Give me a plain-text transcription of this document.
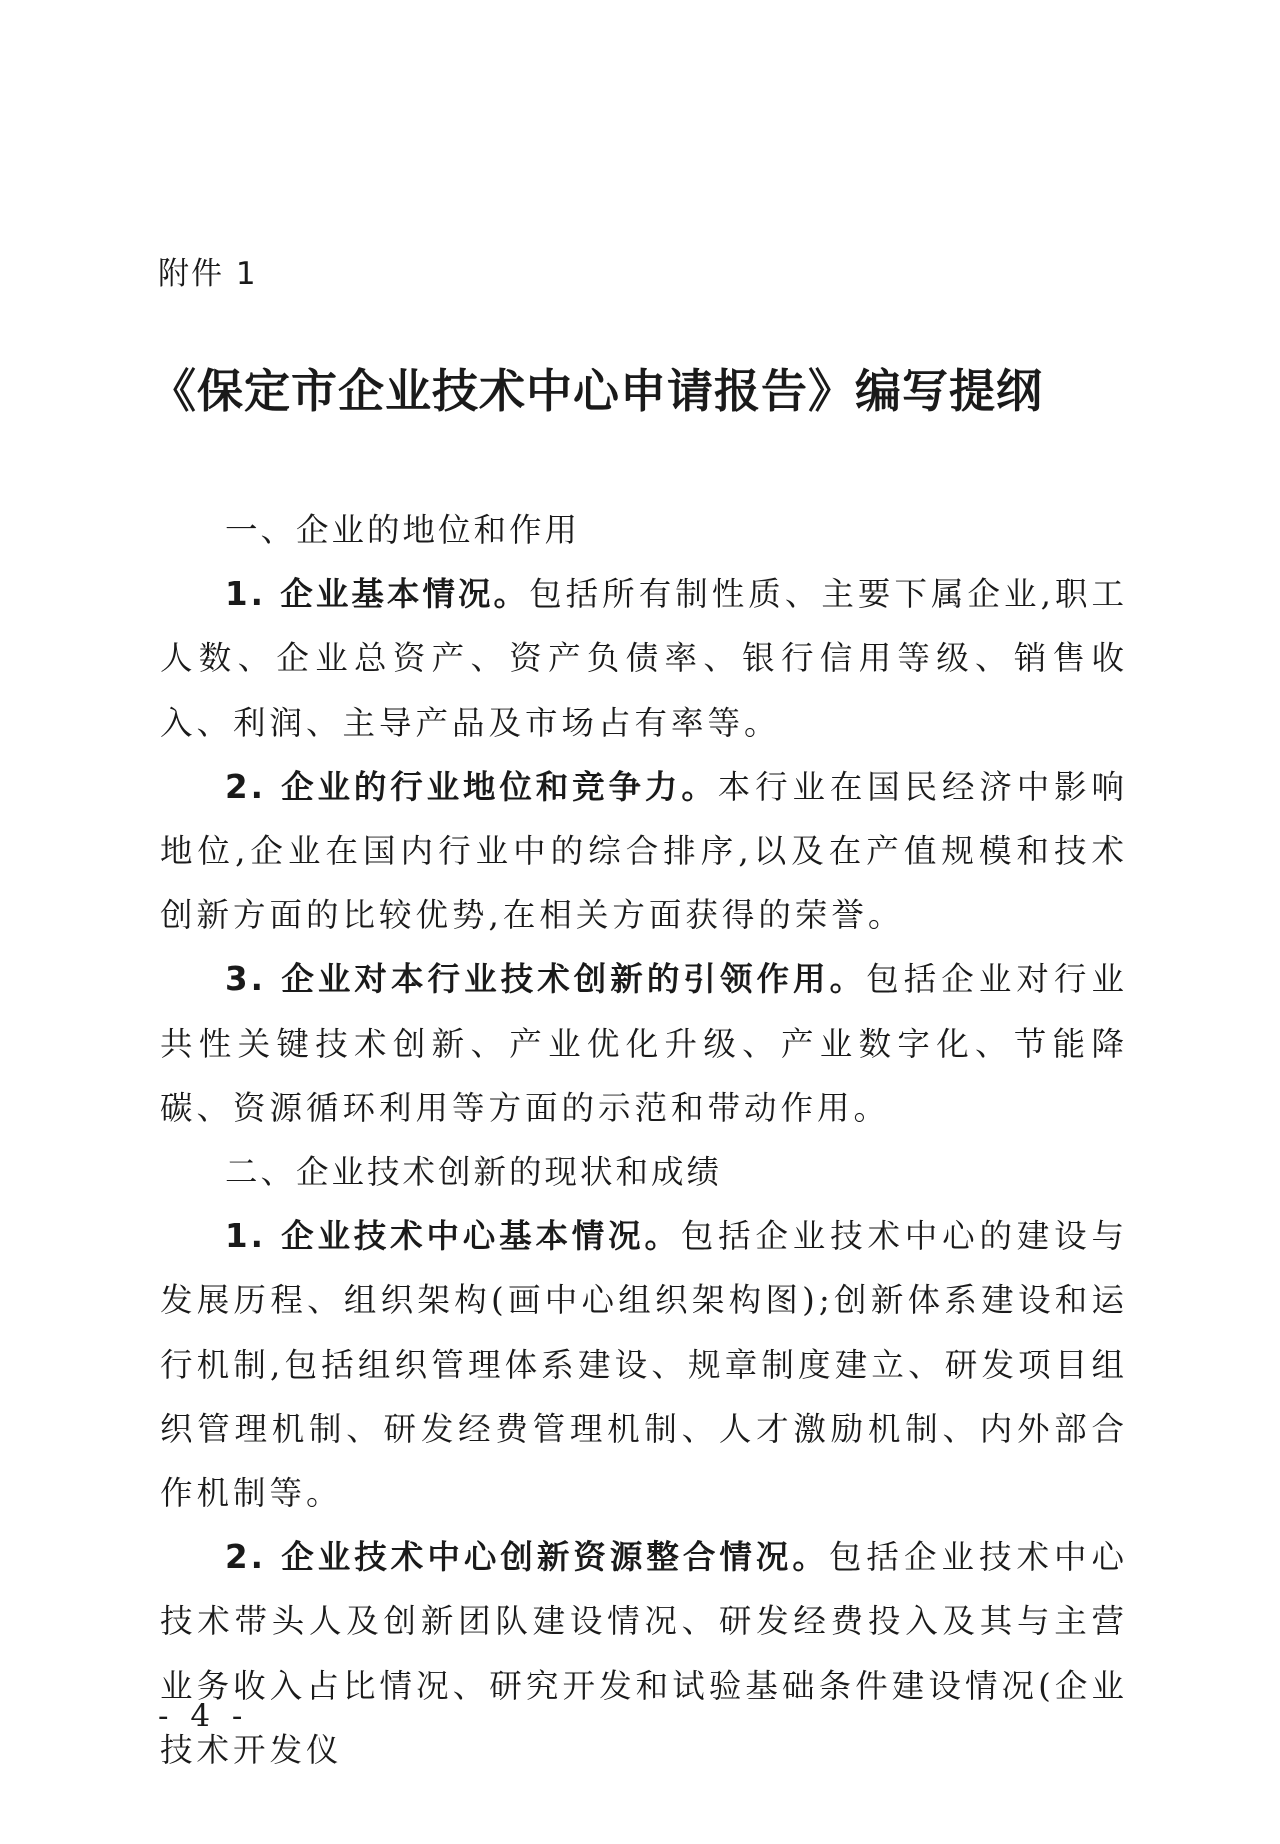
附件 1
《保定市企业技术中心申请报告》编写提纲

一、企业的地位和作用

1. 企业基本情况。包括所有制性质、主要下属企业,职工人数、企业总资产、资产负债率、银行信用等级、销售收入、利润、主导产品及市场占有率等。

2. 企业的行业地位和竞争力。本行业在国民经济中影响地位,企业在国内行业中的综合排序,以及在产值规模和技术创新方面的比较优势,在相关方面获得的荣誉。

3. 企业对本行业技术创新的引领作用。包括企业对行业共性关键技术创新、产业优化升级、产业数字化、节能降碳、资源循环利用等方面的示范和带动作用。

二、企业技术创新的现状和成绩

1. 企业技术中心基本情况。包括企业技术中心的建设与发展历程、组织架构(画中心组织架构图);创新体系建设和运行机制,包括组织管理体系建设、规章制度建立、研发项目组织管理机制、研发经费管理机制、人才激励机制、内外部合作机制等。

2. 企业技术中心创新资源整合情况。包括企业技术中心技术带头人及创新团队建设情况、研发经费投入及其与主营业务收入占比情况、研究开发和试验基础条件建设情况(企业技术开发仪

- 4 -
